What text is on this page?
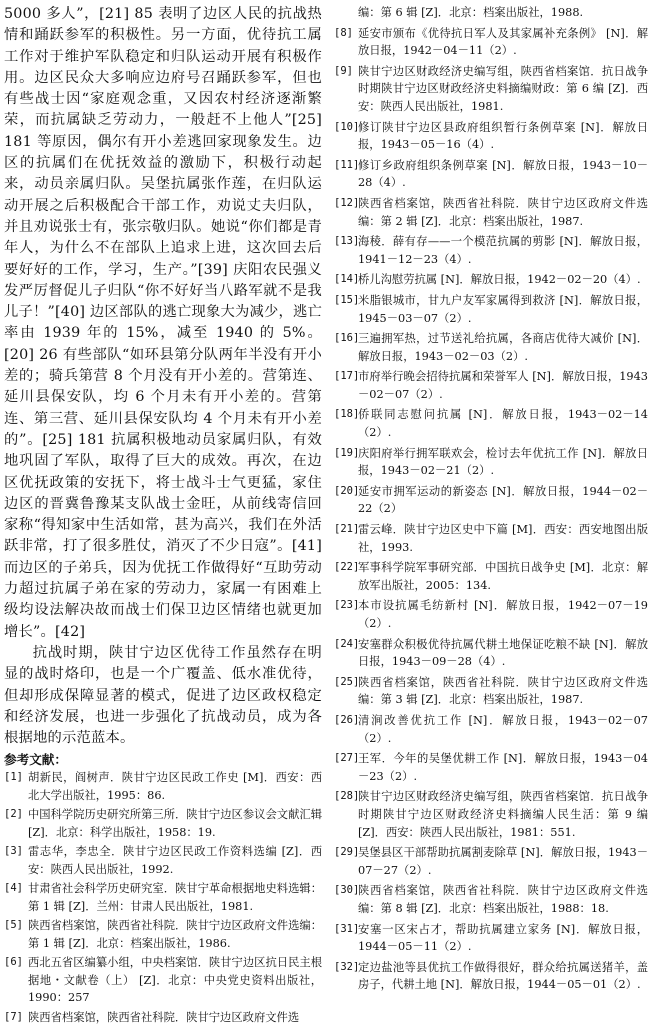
5000 多人”，[21] 85 表明了边区人民的抗战热情和踊跃参军的积极性。另一方面，优待抗工属工作对于维护军队稳定和归队运动开展有积极作用。边区民众大多响应边府号召踊跃参军，但也有些战士因“家庭观念重，又因农村经济逐渐繁荣，而抗属缺乏劳动力，一般赶不上他人”[25] 181 等原因，偶尔有开小差逃回家现象发生。边区的抗属们在优抚效益的激励下，积极行动起来，动员亲属归队。吴堡抗属张作莲，在归队运动开展之后积极配合干部工作，劝说丈夫归队，并且劝说张士有，张宗敬归队。她说“你们都是青年人，为什么不在部队上追求上进，这次回去后要好好的工作，学习，生产。”[39] 庆阳农民强义发严厉督促儿子归队“你不好好当八路军就不是我儿子！”[40] 边区部队的逃亡现象大为减少，逃亡率由 1939 年的 15%，减至 1940 的 5%。[20] 26 有些部队“如环县第分队两年半没有开小差的；骑兵第营 8 个月没有开小差的。营第连、延川县保安队，均 6 个月未有开小差的。营第连、第三营、延川县保安队均 4 个月未有开小差的”。[25] 181 抗属积极地动员家属归队，有效地巩固了军队，取得了巨大的成效。再次，在边区优抚政策的安抚下，将士战斗士气更猛，家住边区的晋冀鲁豫某支队战士金旺，从前线寄信回家称“得知家中生活如常，甚为高兴，我们在外活跃非常，打了很多胜仗，消灭了不少日寇”。[41] 而边区的子弟兵，因为优抚工作做得好“互助劳动力超过抗属子弟在家的劳动力，家属一有困难上级均设法解决故而战士们保卫边区情绪也就更加增长”。[42]

抗战时期，陕甘宁边区优待工作虽然存在明显的战时烙印，也是一个广覆盖、低水准优待，但却形成保障显著的模式，促进了边区政权稳定和经济发展，也进一步强化了抗战动员，成为各根据地的示范蓝本。

参考文献：
[1] 胡新民，阎树声．陕甘宁边区民政工作史 [M]．西安：西北大学出版社，1995：86.
[2] 中国科学院历史研究所第三所．陕甘宁边区参议会文献汇辑 [Z]．北京：科学出版社，1958：19.
[3] 雷志华，李忠全．陕甘宁边区民政工作资料选编 [Z]．西安：陕西人民出版社，1992.
[4] 甘肃省社会科学历史研究室．陕甘宁革命根据地史料选辑：第 1 辑 [Z]．兰州：甘肃人民出版社，1981.
[5] 陕西省档案馆，陕西省社科院．陕甘宁边区政府文件选编：第 1 辑 [Z]．北京：档案出版社，1986.
[6] 西北五省区编纂小组，中央档案馆．陕甘宁边区抗日民主根据地・文献卷（上） [Z]．北京：中央党史资料出版社，1990：257
[7] 陕西省档案馆，陕西省社科院．陕甘宁边区政府文件选
编：第 6 辑 [Z]．北京：档案出版社，1988.
[8] 延安市颁布《优待抗日军人及其家属补充条例》 [N]．解放日报，1942－04－11（2）.
[9] 陕甘宁边区财政经济史编写组，陕西省档案馆．抗日战争时期陕甘宁边区财政经济史料摘编财政：第 6 编 [Z]．西安：陕西人民出版社，1981.
[10]
修订陕甘宁边区县政府组织暂行条例草案 [N]．解放日报，1943－05－16（4）.
[11]
修订乡政府组织条例草案 [N]．解放日报，1943－10－28（4）.
[12]
陕西省档案馆，陕西省社科院．陕甘宁边区政府文件选编：第 2 辑 [Z]．北京：档案出版社，1987.
[13]
海稜．薛有存——一个模范抗属的剪影 [N]．解放日报，1941－12－23（4）.
[14]
桥儿沟慰劳抗属 [N]．解放日报，1942－02－20（4）.
[15]
米脂银城市，甘九户友军家属得到救济 [N]．解放日报，1945－03－07（2）.
[16]
三遍拥军热，过节送礼给抗属，各商店优待大减价 [N]．解放日报，1943－02－03（2）.
[17]
市府举行晚会招待抗属和荣誉军人 [N]．解放日报，1943－02－07（2）.
[18]
侨联同志慰问抗属 [N]．解放日报，1943－02－14（2）.
[19]
庆阳府举行拥军联欢会，检讨去年优抗工作 [N]．解放日报，1943－02－21（2）.
[20]
延安市拥军运动的新姿态 [N]．解放日报，1944－02－22（2）
[21]
雷云峰．陕甘宁边区史中下篇 [M]．西安：西安地图出版社，1993.
[22]
军事科学院军事研究部．中国抗日战争史 [M]．北京：解放军出版社，2005：134.
[23]
本市设抗属毛纺新村 [N]．解放日报，1942－07－19（2）.
[24]
安塞群众积极优待抗属代耕土地保证吃粮不缺 [N]．解放日报，1943－09－28（4）.
[25]
陕西省档案馆，陕西省社科院．陕甘宁边区政府文件选编：第 3 辑 [Z]．北京：档案出版社，1987.
[26]
清涧改善优抗工作 [N]．解放日报，1943－02－07（2）.
[27]
王军．今年的吴堡优耕工作 [N]．解放日报，1943－04－23（2）.
[28]
陕甘宁边区财政经济史编写组，陕西省档案馆．抗日战争时期陕甘宁边区财政经济史料摘编人民生活：第 9 编 [Z]．西安：陕西人民出版社，1981：551.
[29]
吴堡县区干部帮助抗属割麦除草 [N]．解放日报，1943－07－27（2）.
[30]
陕西省档案馆，陕西省社科院．陕甘宁边区政府文件选编：第 8 辑 [Z]．北京：档案出版社，1988：18.
[31]
安塞一区宋占才，帮助抗属建立家务 [N]．解放日报，1944－05－11（2）.
[32]
定边盐池等县优抗工作做得很好，群众给抗属送猪羊，盖房子，代耕土地 [N]．解放日报，1944－05－01（2）.
